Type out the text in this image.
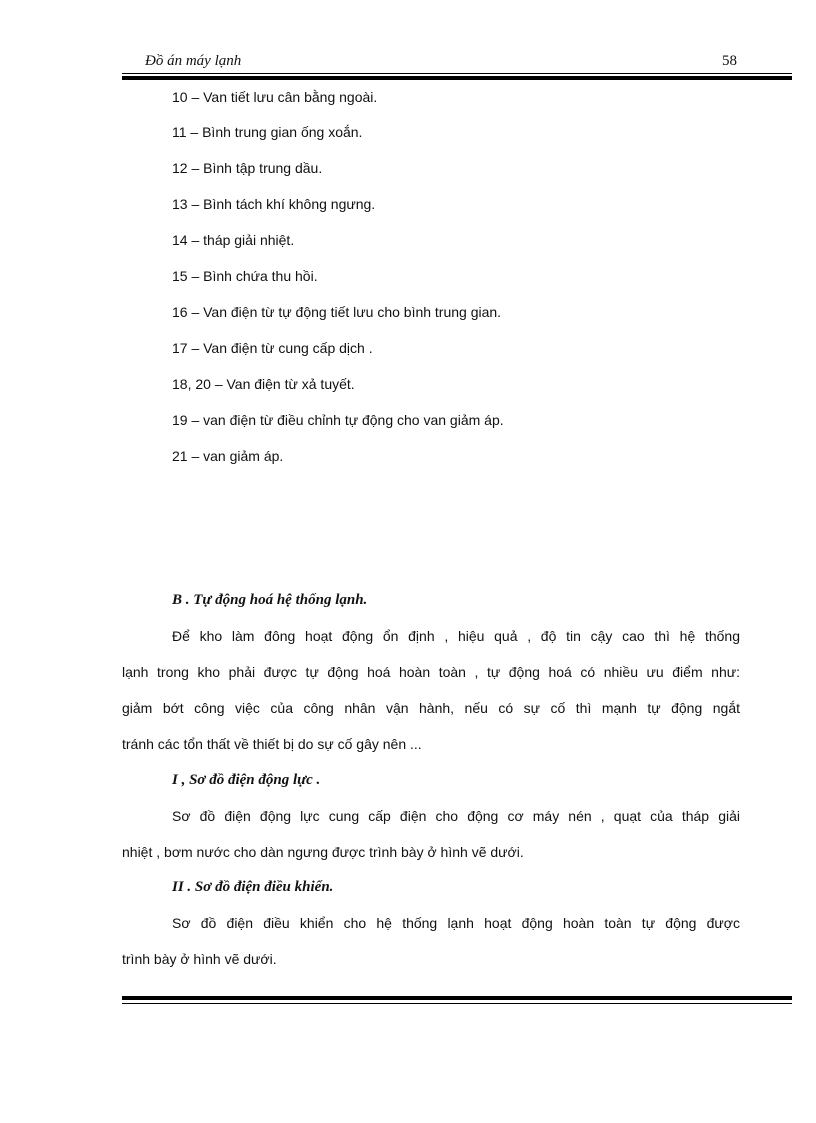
Đồ án máy lạnh	58
10 – Van tiết lưu cân bằng ngoài.
11 – Bình trung gian ống xoắn.
12 – Bình tập trung dầu.
13 – Bình tách khí không ngưng.
14 – tháp giải nhiệt.
15 – Bình chứa thu hồi.
16 – Van điện từ tự động tiết lưu cho bình trung gian.
17 – Van điện từ cung cấp dịch .
18, 20 – Van điện từ xả tuyết.
19 – van điện từ điều chỉnh tự động cho van giảm áp.
21 – van giảm áp.
B . Tự động hoá hệ thống lạnh.
Để kho làm đông hoạt động ổn định , hiệu quả , độ tin cậy cao thì hệ thống
lạnh trong kho phải được tự động hoá hoàn toàn , tự động hoá có nhiều ưu điểm như:
giảm bớt công việc của công nhân vận hành, nếu có sự cố thì mạnh tự động ngắt
tránh các tổn thất về thiết bị do sự cố gây nên ...
I , Sơ đồ điện động lực .
Sơ đồ điện động lực cung cấp điện cho động cơ máy nén , quạt của tháp giải
nhiệt , bơm nước cho dàn ngưng được trình bày ở hình vẽ dưới.
II . Sơ đồ điện điều khiển.
Sơ đồ điện điều khiển cho hệ thống lạnh hoạt động hoàn toàn tự động được
trình bày ở hình vẽ dưới.
